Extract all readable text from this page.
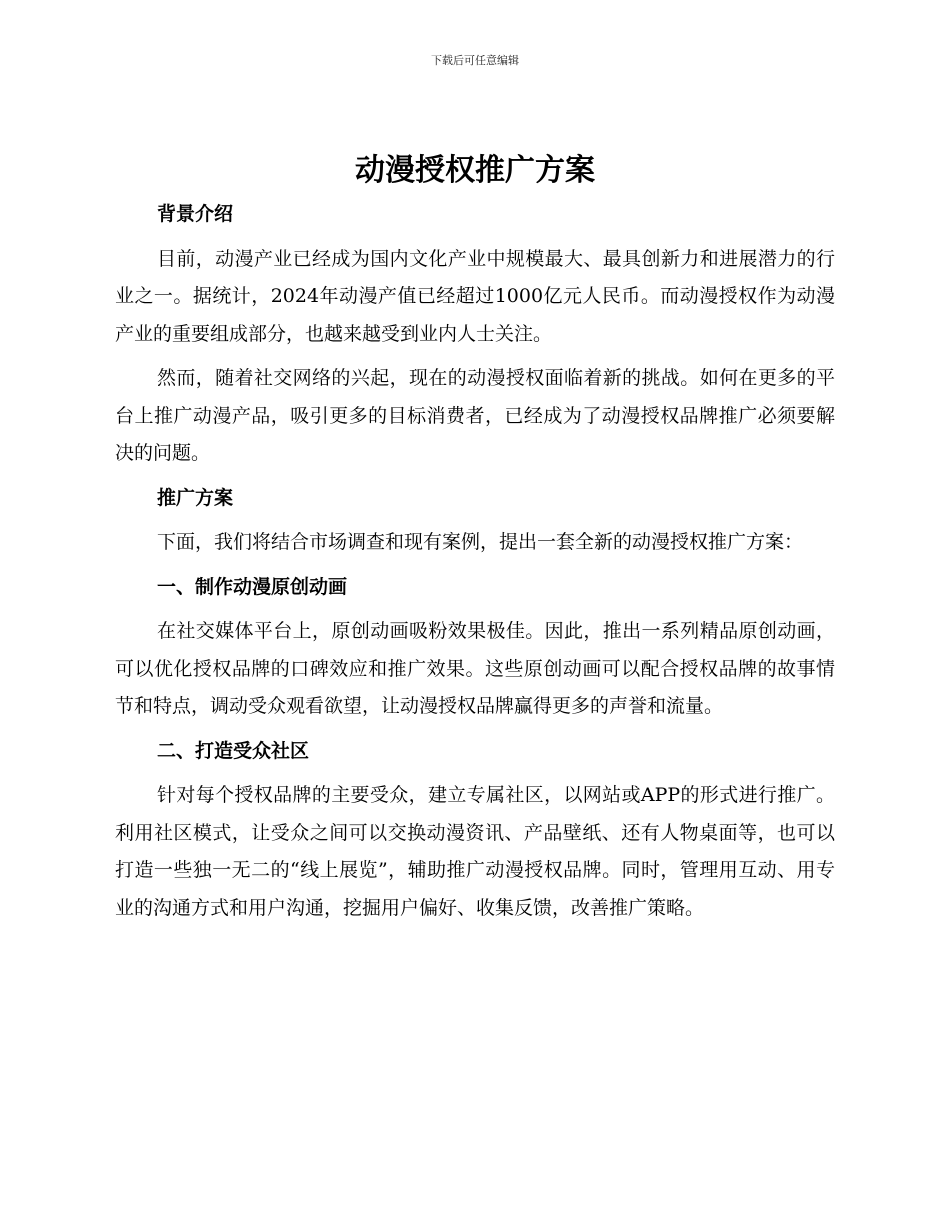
下载后可任意编辑
动漫授权推广方案
背景介绍

目前，动漫产业已经成为国内文化产业中规模最大、最具创新力和进展潜力的行业之一。据统计，2024年动漫产值已经超过1000亿元人民币。而动漫授权作为动漫产业的重要组成部分，也越来越受到业内人士关注。

然而，随着社交网络的兴起，现在的动漫授权面临着新的挑战。如何在更多的平台上推广动漫产品，吸引更多的目标消费者，已经成为了动漫授权品牌推广必须要解决的问题。

推广方案

下面，我们将结合市场调查和现有案例，提出一套全新的动漫授权推广方案：

一、制作动漫原创动画

在社交媒体平台上，原创动画吸粉效果极佳。因此，推出一系列精品原创动画，可以优化授权品牌的口碑效应和推广效果。这些原创动画可以配合授权品牌的故事情节和特点，调动受众观看欲望，让动漫授权品牌赢得更多的声誉和流量。

二、打造受众社区

针对每个授权品牌的主要受众，建立专属社区，以网站或APP的形式进行推广。利用社区模式，让受众之间可以交换动漫资讯、产品壁纸、还有人物桌面等，也可以打造一些独一无二的“线上展览”，辅助推广动漫授权品牌。同时，管理用互动、用专业的沟通方式和用户沟通，挖掘用户偏好、收集反馈，改善推广策略。
